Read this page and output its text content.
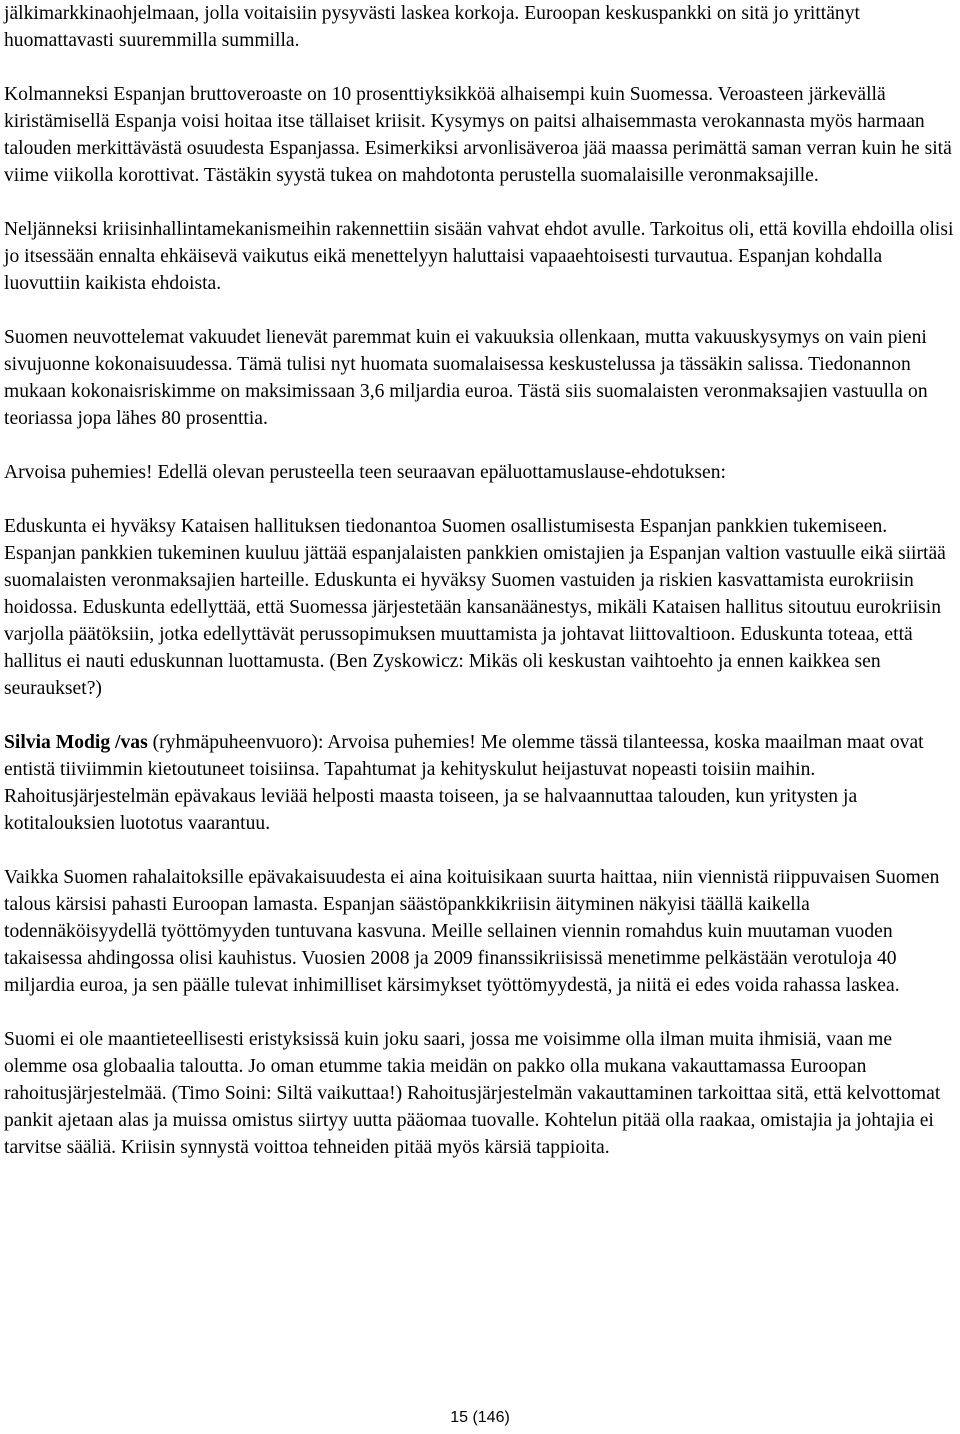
jälkimarkkinaohjelmaan, jolla voitaisiin pysyvästi laskea korkoja. Euroopan keskuspankki on sitä jo yrittänyt huomattavasti suuremmilla summilla.

Kolmanneksi Espanjan bruttoveroaste on 10 prosenttiyksikköä alhaisempi kuin Suomessa. Veroasteen järkevällä kiristämisellä Espanja voisi hoitaa itse tällaiset kriisit. Kysymys on paitsi alhaisemmasta verokannasta myös harmaan talouden merkittävästä osuudesta Espanjassa. Esimerkiksi arvonlisäveroa jää maassa perimättä saman verran kuin he sitä viime viikolla korottivat. Tästäkin syystä tukea on mahdotonta perustella suomalaisille veronmaksajille.

Neljänneksi kriisinhallintamekanismeihin rakennettiin sisään vahvat ehdot avulle. Tarkoitus oli, että kovilla ehdoilla olisi jo itsessään ennalta ehkäisevä vaikutus eikä menettelyyn haluttaisi vapaaehtoisesti turvautua. Espanjan kohdalla luovuttiin kaikista ehdoista.

Suomen neuvottelemat vakuudet lienevät paremmat kuin ei vakuuksia ollenkaan, mutta vakuuskysymys on vain pieni sivujuonne kokonaisuudessa. Tämä tulisi nyt huomata suomalaisessa keskustelussa ja tässäkin salissa. Tiedonannon mukaan kokonaisriskimme on maksimissaan 3,6 miljardia euroa. Tästä siis suomalaisten veronmaksajien vastuulla on teoriassa jopa lähes 80 prosenttia.

Arvoisa puhemies! Edellä olevan perusteella teen seuraavan epäluottamuslause-ehdotuksen:

Eduskunta ei hyväksy Kataisen hallituksen tiedonantoa Suomen osallistumisesta Espanjan pankkien tukemiseen. Espanjan pankkien tukeminen kuuluu jättää espanjalaisten pankkien omistajien ja Espanjan valtion vastuulle eikä siirtää suomalaisten veronmaksajien harteille. Eduskunta ei hyväksy Suomen vastuiden ja riskien kasvattamista eurokriisin hoidossa. Eduskunta edellyttää, että Suomessa järjestetään kansanäänestys, mikäli Kataisen hallitus sitoutuu eurokriisin varjolla päätöksiin, jotka edellyttävät perussopimuksen muuttamista ja johtavat liittovaltioon. Eduskunta toteaa, että hallitus ei nauti eduskunnan luottamusta. (Ben Zyskowicz: Mikäs oli keskustan vaihtoehto ja ennen kaikkea sen seuraukset?)

Silvia Modig /vas (ryhmäpuheenvuoro): Arvoisa puhemies! Me olemme tässä tilanteessa, koska maailman maat ovat entistä tiiviimmin kietoutuneet toisiinsa. Tapahtumat ja kehityskulut heijastuvat nopeasti toisiin maihin. Rahoitusjärjestelmän epävakaus leviää helposti maasta toiseen, ja se halvaannuttaa talouden, kun yritysten ja kotitalouksien luototus vaarantuu.

Vaikka Suomen rahalaitoksille epävakaisuudesta ei aina koituisikaan suurta haittaa, niin viennistä riippuvaisen Suomen talous kärsisi pahasti Euroopan lamasta. Espanjan säästöpankkikriisin äityminen näkyisi täällä kaikella todennäköisyydellä työttömyyden tuntuvana kasvuna. Meille sellainen viennin romahdus kuin muutaman vuoden takaisessa ahdingossa olisi kauhistus. Vuosien 2008 ja 2009 finanssikriisissä menetimme pelkästään verotuloja 40 miljardia euroa, ja sen päälle tulevat inhimilliset kärsimykset työttömyydestä, ja niitä ei edes voida rahassa laskea.

Suomi ei ole maantieteellisesti eristyksissä kuin joku saari, jossa me voisimme olla ilman muita ihmisiä, vaan me olemme osa globaalia taloutta. Jo oman etumme takia meidän on pakko olla mukana vakauttamassa Euroopan rahoitusjärjestelmää. (Timo Soini: Siltä vaikuttaa!) Rahoitusjärjestelmän vakauttaminen tarkoittaa sitä, että kelvottomat pankit ajetaan alas ja muissa omistus siirtyy uutta pääomaa tuovalle. Kohtelun pitää olla raakaa, omistajia ja johtajia ei tarvitse sääliä. Kriisin synnystä voittoa tehneiden pitää myös kärsiä tappioita.

15 (146)
